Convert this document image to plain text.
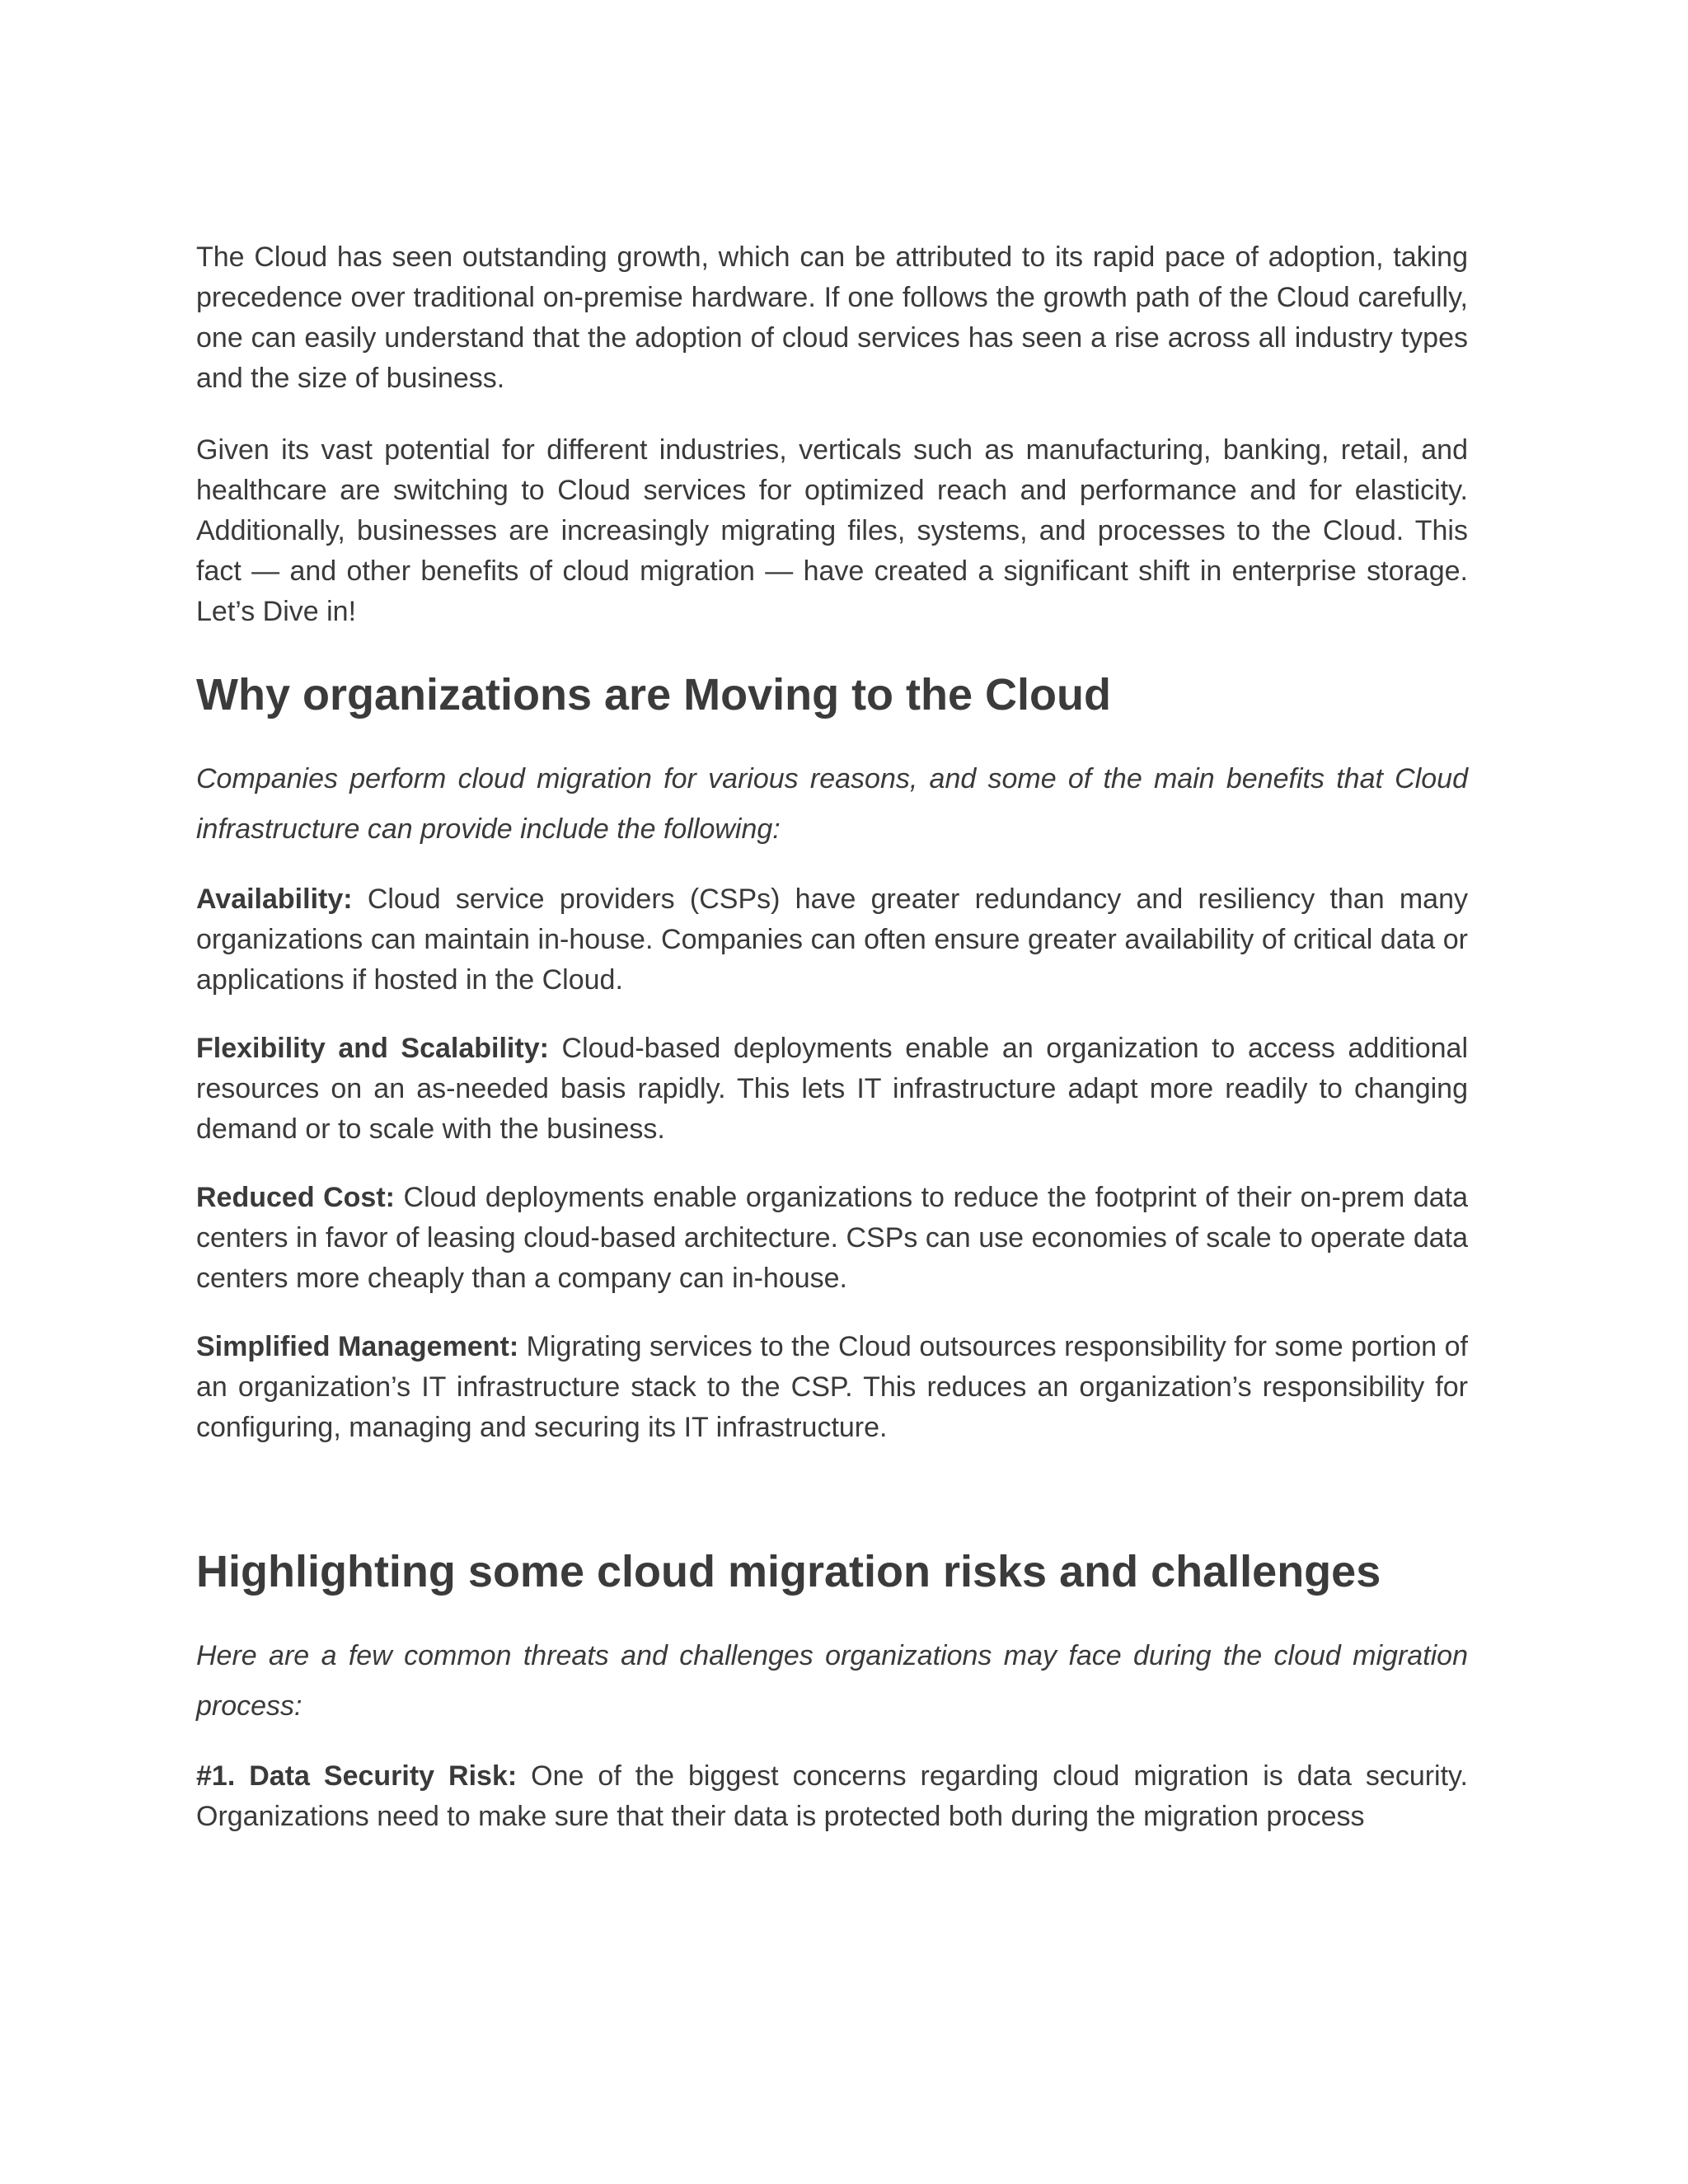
The Cloud has seen outstanding growth, which can be attributed to its rapid pace of adoption, taking precedence over traditional on-premise hardware. If one follows the growth path of the Cloud carefully, one can easily understand that the adoption of cloud services has seen a rise across all industry types and the size of business.

Given its vast potential for different industries, verticals such as manufacturing, banking, retail, and healthcare are switching to Cloud services for optimized reach and performance and for elasticity. Additionally, businesses are increasingly migrating files, systems, and processes to the Cloud. This fact — and other benefits of cloud migration — have created a significant shift in enterprise storage. Let’s Dive in!

Why organizations are Moving to the Cloud

Companies perform cloud migration for various reasons, and some of the main benefits that Cloud infrastructure can provide include the following:

Availability: Cloud service providers (CSPs) have greater redundancy and resiliency than many organizations can maintain in-house. Companies can often ensure greater availability of critical data or applications if hosted in the Cloud.

Flexibility and Scalability: Cloud-based deployments enable an organization to access additional resources on an as-needed basis rapidly. This lets IT infrastructure adapt more readily to changing demand or to scale with the business.

Reduced Cost: Cloud deployments enable organizations to reduce the footprint of their on-prem data centers in favor of leasing cloud-based architecture. CSPs can use economies of scale to operate data centers more cheaply than a company can in-house.

Simplified Management: Migrating services to the Cloud outsources responsibility for some portion of an organization’s IT infrastructure stack to the CSP. This reduces an organization’s responsibility for configuring, managing and securing its IT infrastructure.

Highlighting some cloud migration risks and challenges

Here are a few common threats and challenges organizations may face during the cloud migration process:

#1. Data Security Risk: One of the biggest concerns regarding cloud migration is data security. Organizations need to make sure that their data is protected both during the migration process
